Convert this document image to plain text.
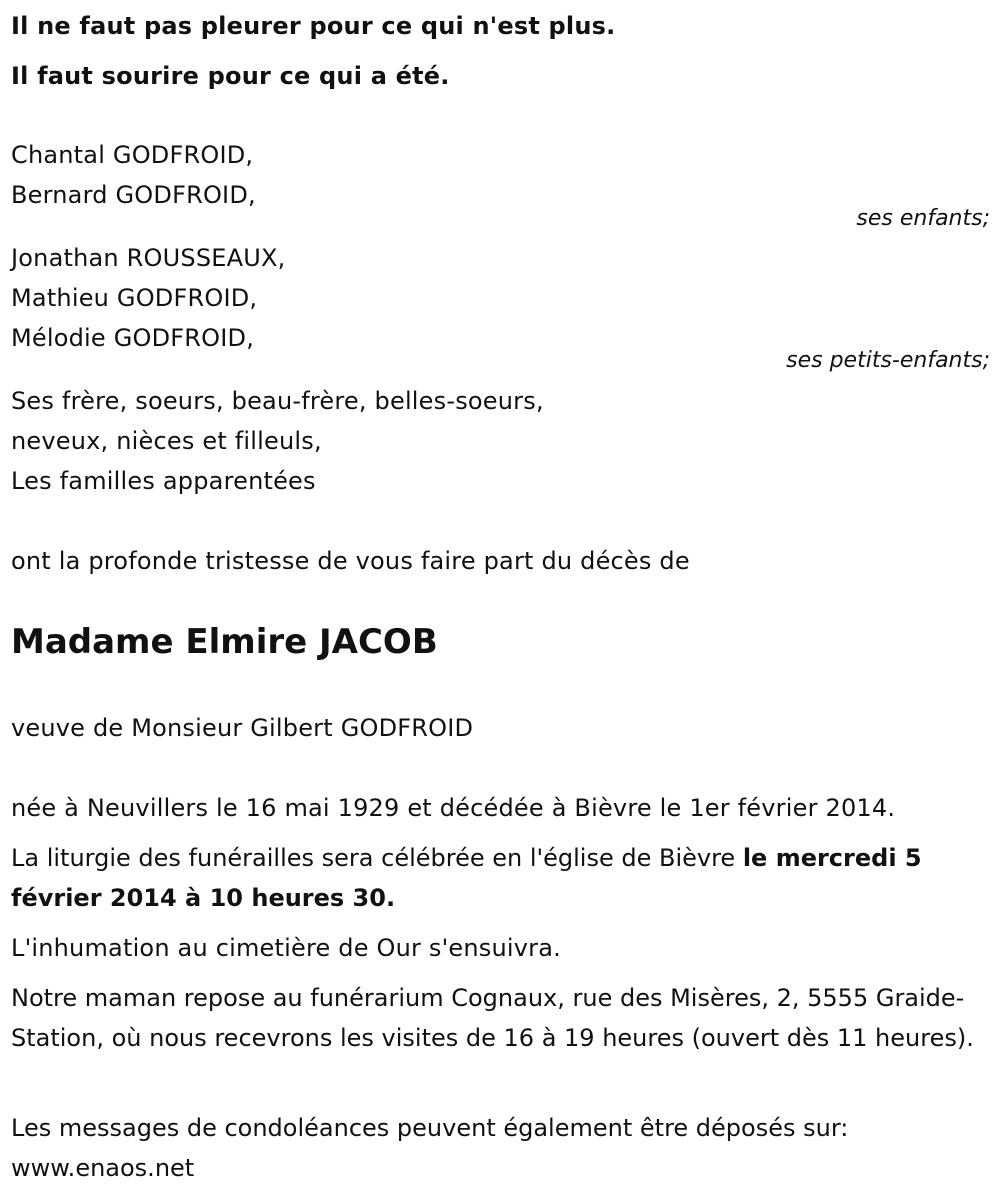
Il ne faut pas pleurer pour ce qui n'est plus.
Il faut sourire pour ce qui a été.
Chantal GODFROID,
Bernard GODFROID,
ses enfants;
Jonathan ROUSSEAUX,
Mathieu GODFROID,
Mélodie GODFROID,
ses petits-enfants;
Ses frère, soeurs, beau-frère, belles-soeurs,
neveux, nièces et filleuls,
Les familles apparentées
ont la profonde tristesse de vous faire part du décès de
Madame Elmire JACOB
veuve de Monsieur Gilbert GODFROID
née à Neuvillers le 16 mai 1929 et décédée à Bièvre le 1er février 2014.
La liturgie des funérailles sera célébrée en l'église de Bièvre le mercredi 5 février 2014 à 10 heures 30.
L'inhumation au cimetière de Our s'ensuivra.
Notre maman repose au funérarium Cognaux, rue des Misères, 2, 5555 Graide-Station, où nous recevrons les visites de 16 à 19 heures (ouvert dès 11 heures).
Les messages de condoléances peuvent également être déposés sur: www.enaos.net
